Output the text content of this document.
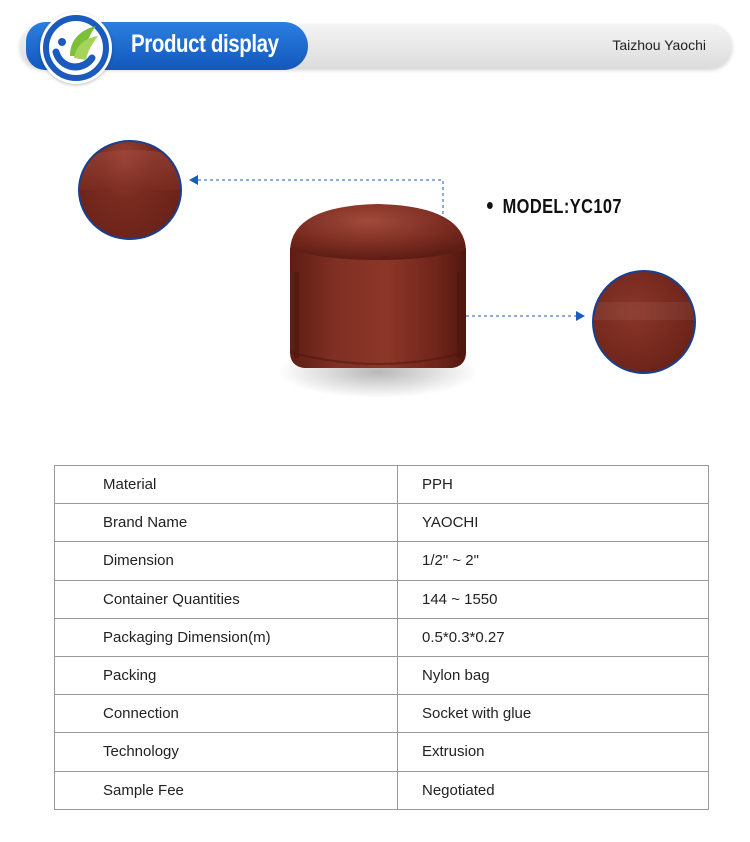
Product display	Taizhou Yaochi
MODEL:YC107
Material	PPH
Brand Name	YAOCHI
Dimension	1/2" ~ 2"
Container Quantities	144 ~ 1550
Packaging Dimension(m)	0.5*0.3*0.27
Packing	Nylon bag
Connection	Socket with glue
Technology	Extrusion
Sample Fee	Negotiated
